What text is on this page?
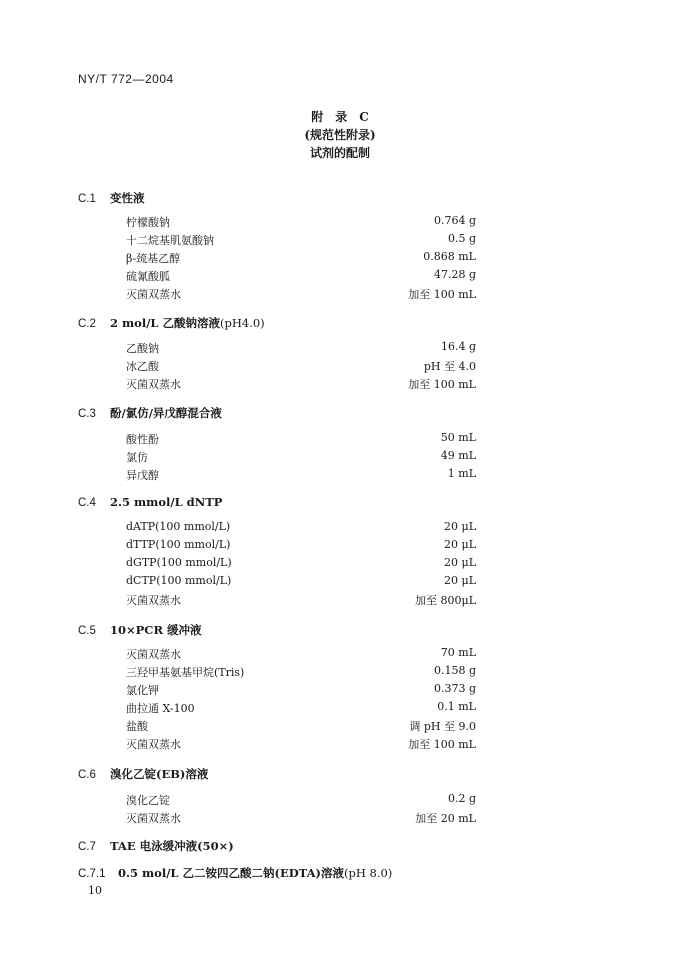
NY/T 772—2004
附　录　C
(规范性附录)
试剂的配制
C.1 变性液
柠檬酸钠	0.764 g
十二烷基肌氨酸钠	0.5 g
β-巯基乙醇	0.868 mL
硫氰酸胍	47.28 g
灭菌双蒸水	加至 100 mL
C.2 2 mol/L 乙酸钠溶液(pH4.0)
乙酸钠	16.4 g
冰乙酸	pH 至 4.0
灭菌双蒸水	加至 100 mL
C.3 酚/氯仿/异戊醇混合液
酸性酚	50 mL
氯仿	49 mL
异戊醇	1 mL
C.4 2.5 mmol/L dNTP
dATP(100 mmol/L)	20 μL
dTTP(100 mmol/L)	20 μL
dGTP(100 mmol/L)	20 μL
dCTP(100 mmol/L)	20 μL
灭菌双蒸水	加至 800μL
C.5 10×PCR 缓冲液
灭菌双蒸水	70 mL
三羟甲基氨基甲烷(Tris)	0.158 g
氯化钾	0.373 g
曲拉通 X-100	0.1 mL
盐酸	调 pH 至 9.0
灭菌双蒸水	加至 100 mL
C.6 溴化乙锭(EB)溶液
溴化乙锭	0.2 g
灭菌双蒸水	加至 20 mL
C.7 TAE 电泳缓冲液(50×)
C.7.1 0.5 mol/L 乙二铵四乙酸二钠(EDTA)溶液(pH 8.0)
10
